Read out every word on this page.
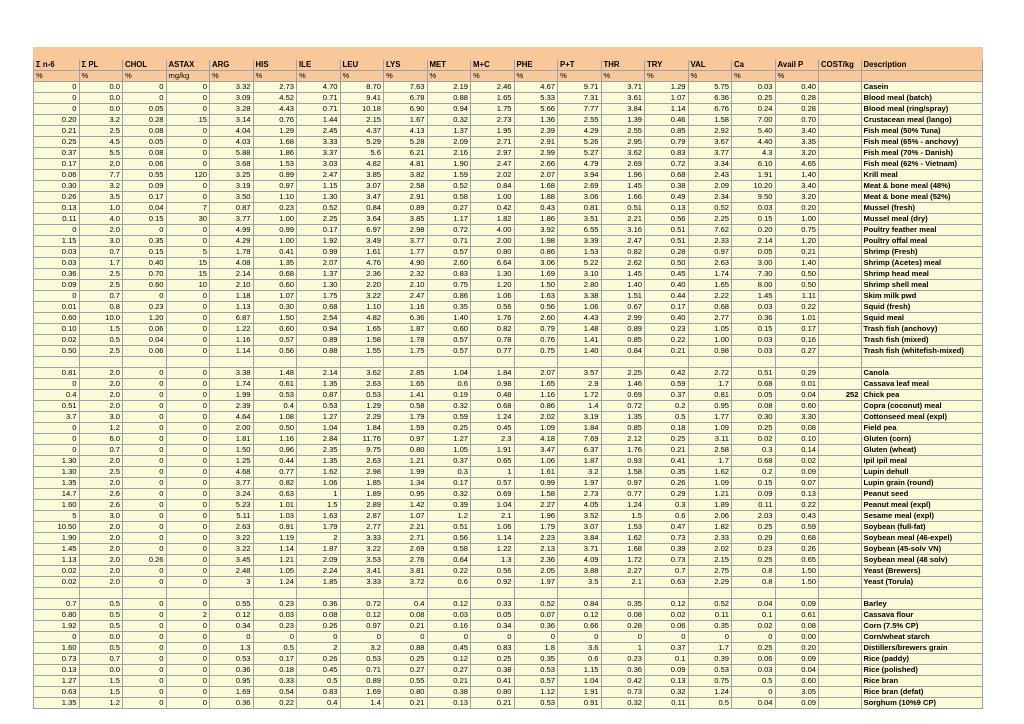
Σ n-6	Σ PL	CHOL	ASTAX	ARG	HIS	ILE	LEU	LYS	MET	M+C	PHE	P+T	THR	TRY	VAL	Ca	Avail P	COST/kg	Description
%	%	%	mg/kg	%	%	%	%	%	%	%	%	%	%	%	%	%	%		
0	0.0	0	0	3.32	2.73	4.70	8.70	7.63	2.19	2.46	4.67	9.71	3.71	1.29	5.75	0.03	0.40		Casein
0	0.0	0	0	3.09	4.52	0.71	9.41	6.78	0.88	1.65	5.33	7.31	3.61	1.07	6.36	0.25	0.28		Blood meal (batch)
0	0.0	0.05	0	3.28	4.43	0.71	10.18	6.90	0.94	1.75	5.66	7.77	3.84	1.14	6.76	0.24	0.28		Blood meal (ring/spray)
0.20	3.2	0.28	15	3.14	0.76	1.44	2.15	1.67	0.32	2.73	1.36	2.55	1.39	0.46	1.58	7.00	0.70		Crustacean meal (lango)
0.21	2.5	0.08	0	4.04	1.29	2.45	4.37	4.13	1.37	1.95	2.39	4.29	2.55	0.85	2.92	5.40	3.40		Fish meal (50% Tuna)
0.25	4.5	0.05	0	4.03	1.68	3.33	5.29	5.28	2.09	2.71	2.91	5.26	2.95	0.79	3.67	4.40	3.35		Fish meal (65% - anchovy)
0.37	5.5	0.08	0	5.88	1.86	3.37	5.6	6.21	2.16	2.97	2.99	5.27	3.62	0.83	3.77	4.3	3.20		Fish meal (70% - Danish)
0.17	2.0	0.06	0	3.68	1.53	3.03	4.82	4.81	1.90	2.47	2.66	4.79	2.69	0.72	3.34	6.10	4.65		Fish meal (62% - Vietnam)
0.06	7.7	0.55	120	3.25	0.99	2.47	3.85	3.82	1.59	2.02	2.07	3.94	1.96	0.68	2.43	1.91	1.40		Krill meal
0.30	3.2	0.09	0	3.19	0.97	1.15	3.07	2.58	0.52	0.84	1.68	2.69	1.45	0.38	2.09	10.20	3.40		Meat & bone meal (48%)
0.26	3.5	0.17	0	3.50	1.10	1.30	3.47	2.91	0.58	1.00	1.88	3.06	1.66	0.49	2.34	9.50	3.20		Meat & bone meal (52%)
0.13	1.0	0.04	7	0.87	0.23	0.52	0.84	0.89	0.27	0.42	0.43	0.81	0.51	0.13	0.52	0.03	0.20		Mussel (fresh)
0.11	4.0	0.15	30	3.77	1.00	2.25	3.64	3.85	1.17	1.82	1.86	3.51	2.21	0.56	2.25	0.15	1.00		Mussel meal (dry)
0	2.0	0	0	4.99	0.99	0.17	6.97	2.98	0.72	4.00	3.92	6.55	3.16	0.51	7.62	0.20	0.75		Poultry feather meal
1.15	3.0	0.35	0	4.29	1.00	1.92	3.49	3.77	0.71	2.00	1.98	3.39	2.47	0.51	2.33	2.14	1.20		Poultry offal meal
0.03	0.7	0.15	5	1.78	0.41	0.99	1.61	1.77	0.57	0.80	0.86	1.53	0.82	0.28	0.97	0.05	0.21		Shrimp (Fresh)
0.03	1.7	0.40	15	4.08	1.35	2.07	4.76	4.90	2.60	6.64	3.06	5.22	2.62	0.50	2.63	3.00	1.40		Shrimp (Acetes) meal
0.36	2.5	0.70	15	2.14	0.68	1.37	2.36	2.32	0.83	1.30	1.69	3.10	1.45	0.45	1.74	7.30	0.50		Shrimp head meal
0.09	2.5	0.60	10	2.10	0.60	1.30	2.20	2.10	0.75	1.20	1.50	2.80	1.40	0.40	1.65	8.00	0.50		Shrimp shell meal
0	0.7	0	0	1.18	1.07	1.75	3.22	2.47	0.86	1.06	1.63	3.38	1.51	0.44	2.22	1.45	1.11		Skim milk pwd
0.01	0.8	0.23	0	1.13	0.30	0.68	1.10	1.16	0.35	0.56	0.56	1.06	0.67	0.17	0.68	0.03	0.22		Squid (fresh)
0.60	10.0	1.20	0	6.87	1.50	2.54	4.82	6.36	1.40	1.76	2.60	4.43	2.99	0.40	2.77	0.36	1.01		Squid meal
0.10	1.5	0.06	0	1.22	0.60	0.94	1.65	1.87	0.60	0.82	0.79	1.48	0.89	0.23	1.05	0.15	0.17		Trash fish (anchovy)
0.02	0.5	0.04	0	1.16	0.57	0.89	1.58	1.78	0.57	0.78	0.76	1.41	0.85	0.22	1.00	0.03	0.16		Trash fish (mixed)
0.50	2.5	0.06	0	1.14	0.56	0.88	1.55	1.75	0.57	0.77	0.75	1.40	0.84	0.21	0.98	0.03	0.27		Trash fish (whitefish-mixed)

0.81	2.0	0	0	3.38	1.48	2.14	3.62	2.85	1.04	1.84	2.07	3.57	2.25	0.42	2.72	0.51	0.29		Canola
0	2.0	0	0	1.74	0.61	1.35	2.63	1.65	0.6	0.98	1.65	2.9	1.46	0.59	1.7	0.68	0.01		Cassava leaf meal
0.4	2.0	0	0	1.99	0.53	0.87	0.53	1.41	0.19	0.48	1.16	1.72	0.69	0.37	0.81	0.05	0.04	252	Chick pea
0.51	2.0	0	0	2.39	0.4	0.53	1.29	0.58	0.32	0.68	0.86	1.4	0.72	0.2	0.95	0.08	0.60		Copra (coconut) meal
3.7	3.0	0	0	4.64	1.08	1.27	2.29	1.79	0.59	1.24	2.02	3.19	1.35	0.5	1.77	0.30	3.30		Cottonseed meal (expl)
0	1.2	0	0	2.00	0.50	1.04	1.84	1.59	0.25	0.45	1.09	1.84	0.85	0.18	1.09	0.25	0.08		Field pea
0	6.0	0	0	1.81	1.16	2.84	11.76	0.97	1.27	2.3	4.18	7.69	2.12	0.25	3.11	0.02	0.10		Gluten (corn)
0	0.7	0	0	1.50	0.96	2.35	9.75	0.80	1.05	1.91	3.47	6.37	1.76	0.21	2.58	0.3	0.14		Gluten (wheat)
1.30	2.0	0	0	1.25	0.44	1.35	2.63	1.21	0.37	0.65	1.06	1.87	0.93	0.41	1.7	0.68	0.02		Ipil ipil meal
1.30	2.5	0	0	4.68	0.77	1.62	2.98	1.99	0.3	1	1.61	3.2	1.58	0.35	1.62	0.2	0.09		Lupin dehull
1.35	2.0	0	0	3.77	0.82	1.06	1.85	1.34	0.17	0.57	0.99	1.97	0.97	0.26	1.09	0.15	0.07		Lupin grain (round)
14.7	2.6	0	0	3.24	0.63	1	1.89	0.95	0.32	0.69	1.58	2.73	0.77	0.29	1.21	0.09	0.13		Peanut seed
1.60	2.6	0	0	5.23	1.01	1.5	2.89	1.42	0.39	1.04	2.27	4.05	1.24	0.3	1.89	0.11	0.22		Peanut meal (expl)
5	3.0	0	0	5.11	1.03	1.63	2.87	1.07	1.2	2.1	1.96	3.52	1.5	0.6	2.06	2.03	0.43		Sesame meal (expl)
10.50	2.0	0	0	2.63	0.91	1.79	2.77	2.21	0.51	1.06	1.79	3.07	1.53	0.47	1.82	0.25	0.59		Soybean (full-fat)
1.90	2.0	0	0	3.22	1.19	2	3.33	2.71	0.56	1.14	2.23	3.84	1.62	0.73	2.33	0.29	0.68		Soybean meal (46-expel)
1.45	2.0	0	0	3.22	1.14	1.87	3.22	2.69	0.58	1.22	2.13	3.71	1.68	0.39	2.02	0.23	0.26		Soybean (45-solv VN)
1.13	2.0	0.26	0	3.45	1.21	2.09	3.53	2.76	0.64	1.3	2.36	4.09	1.72	0.73	2.15	0.25	0.65		Soybean meal (48 solv)
0.02	2.0	0	0	2.48	1.05	2.24	3.41	3.81	0.22	0.56	2.05	3.88	2.27	0.7	2.75	0.8	1.50		Yeast (Brewers)
0.02	2.0	0	0	3	1.24	1.85	3.33	3.72	0.6	0.92	1.97	3.5	2.1	0.63	2.29	0.8	1.50		Yeast (Torula)

0.7	0.5	0	0	0.55	0.23	0.36	0.72	0.4	0.12	0.33	0.52	0.84	0.35	0.12	0.52	0.04	0.09		Barley
0.80	0.5	0	2	0.12	0.03	0.08	0.12	0.08	0.03	0.05	0.07	0.12	0.08	0.02	0.11	0.1	0.61		Cassava flour
1.92	0.5	0	0	0.34	0.23	0.26	0.97	0.21	0.16	0.34	0.36	0.66	0.28	0.06	0.35	0.02	0.08		Corn (7.5% CP)
0	0.0	0	0	0	0	0	0	0	0	0	0	0	0	0	0	0	0.00		Corn/wheat starch
1.60	0.5	0	0	1.3	0.5	2	3.2	0.88	0.45	0.83	1.8	3.6	1	0.37	1.7	0.25	0.20		Distillers/brewers grain
0.73	0.7	0	0	0.53	0.17	0.26	0.53	0.25	0.12	0.25	0.35	0.6	0.23	0.1	0.39	0.06	0.09		Rice (paddy)
0.13	0.0	0	0	0.36	0.18	0.45	0.71	0.27	0.27	0.38	0.53	1.15	0.36	0.09	0.53	0.03	0.04		Rice (polished)
1.27	1.5	0	0	0.95	0.33	0.5	0.89	0.55	0.21	0.41	0.57	1.04	0.42	0.13	0.75	0.5	0.60		Rice bran
0.63	1.5	0	0	1.69	0.54	0.83	1.69	0.80	0.38	0.80	1.12	1.91	0.73	0.32	1.24	0	3.05		Rice bran (defat)
1.35	1.2	0	0	0.36	0.22	0.4	1.4	0.21	0.13	0.21	0.53	0.91	0.32	0.11	0.5	0.04	0.09		Sorghum (10%9 CP)
